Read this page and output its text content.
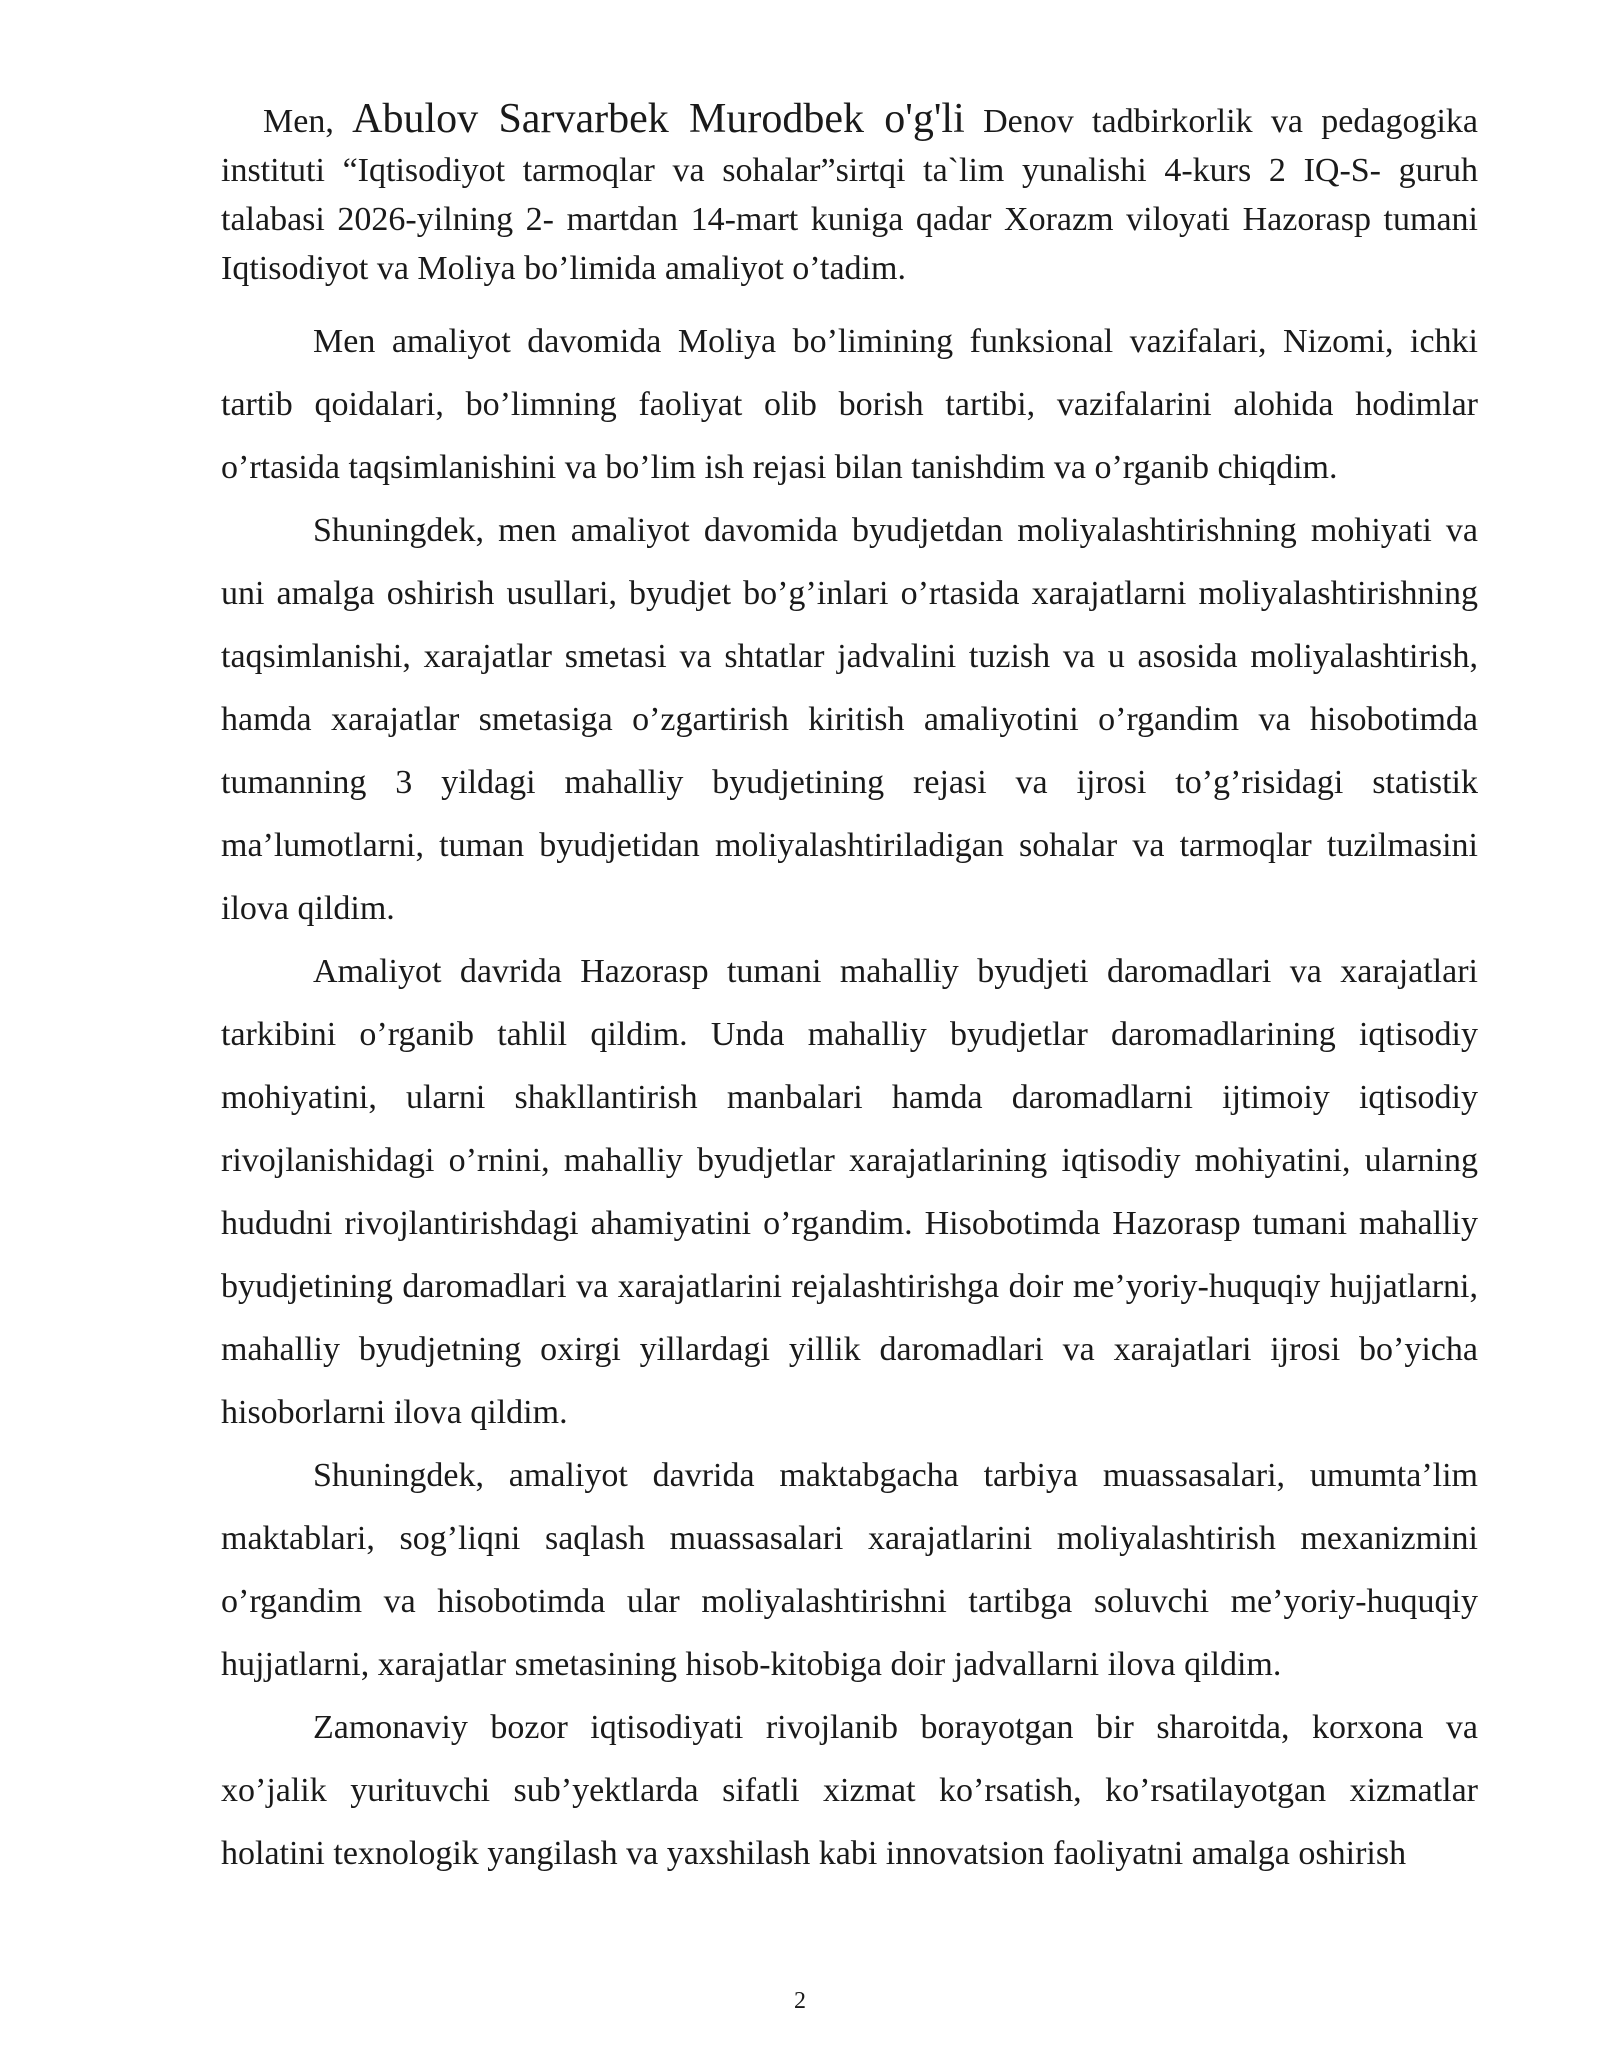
Men, Abulov Sarvarbek Murodbek o'g'li Denov tadbirkorlik va pedagogika instituti “Iqtisodiyot tarmoqlar va sohalar”sirtqi ta`lim yunalishi 4-kurs 2 IQ-S- guruh talabasi 2026-yilning 2- martdan 14-mart kuniga qadar Xorazm viloyati Hazorasp tumani Iqtisodiyot va Moliya bo’limida amaliyot o’tadim.

Men amaliyot davomida Moliya bo’limining funksional vazifalari, Nizomi, ichki tartib qoidalari, bo’limning faoliyat olib borish tartibi, vazifalarini alohida hodimlar o’rtasida taqsimlanishini va bo’lim ish rejasi bilan tanishdim va o’rganib chiqdim.

Shuningdek, men amaliyot davomida byudjetdan moliyalashtirishning mohiyati va uni amalga oshirish usullari, byudjet bo’g’inlari o’rtasida xarajatlarni moliyalashtirishning taqsimlanishi, xarajatlar smetasi va shtatlar jadvalini tuzish va u asosida moliyalashtirish, hamda xarajatlar smetasiga o’zgartirish kiritish amaliyotini o’rgandim va hisobotimda tumanning 3 yildagi mahalliy byudjetining rejasi va ijrosi to’g’risidagi statistik ma’lumotlarni, tuman byudjetidan moliyalashtiriladigan sohalar va tarmoqlar tuzilmasini ilova qildim.

Amaliyot davrida Hazorasp tumani mahalliy byudjeti daromadlari va xarajatlari tarkibini o’rganib tahlil qildim. Unda mahalliy byudjetlar daromadlarining iqtisodiy mohiyatini, ularni shakllantirish manbalari hamda daromadlarni ijtimoiy iqtisodiy rivojlanishidagi o’rnini, mahalliy byudjetlar xarajatlarining iqtisodiy mohiyatini, ularning hududni rivojlantirishdagi ahamiyatini o’rgandim. Hisobotimda Hazorasp tumani mahalliy byudjetining daromadlari va xarajatlarini rejalashtirishga doir me’yoriy-huquqiy hujjatlarni, mahalliy byudjetning oxirgi yillardagi yillik daromadlari va xarajatlari ijrosi bo’yicha hisoborlarni ilova qildim.

Shuningdek, amaliyot davrida maktabgacha tarbiya muassasalari, umumta’lim maktablari, sog’liqni saqlash muassasalari xarajatlarini moliyalashtirish mexanizmini o’rgandim va hisobotimda ular moliyalashtirishni tartibga soluvchi me’yoriy-huquqiy hujjatlarni, xarajatlar smetasining hisob-kitobiga doir jadvallarni ilova qildim.

Zamonaviy bozor iqtisodiyati rivojlanib borayotgan bir sharoitda, korxona va xo’jalik yurituvchi sub’yektlarda sifatli xizmat ko’rsatish, ko’rsatilayotgan xizmatlar holatini texnologik yangilash va yaxshilash kabi innovatsion faoliyatni amalga oshirish

2
